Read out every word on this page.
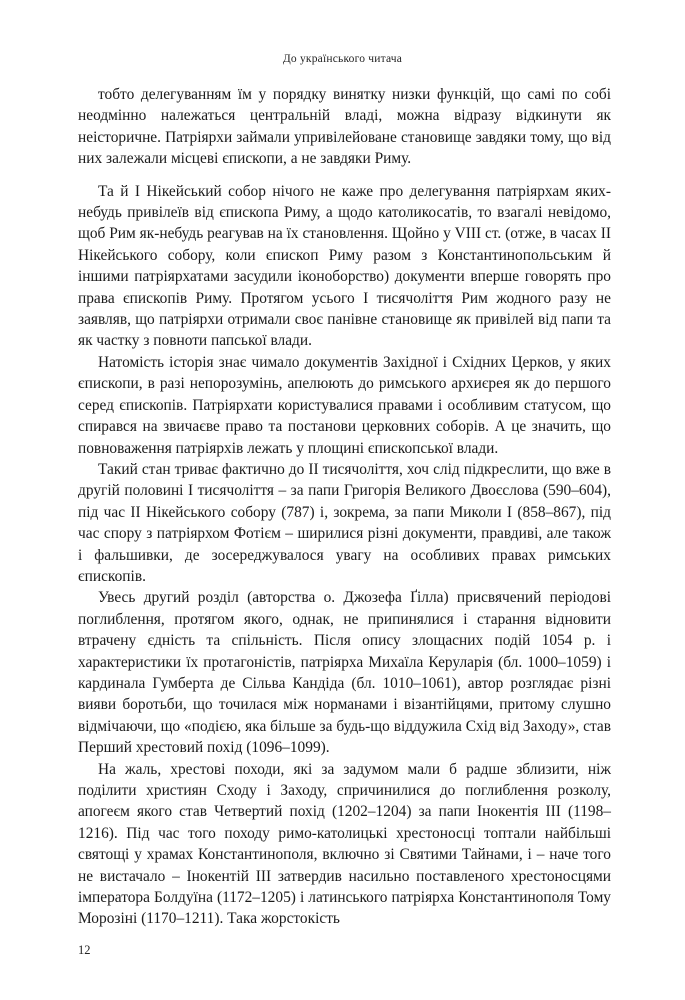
До українського читача

тобто делегуванням їм у порядку винятку низки функцій, що самі по собі неодмінно належаться центральній владі, можна відразу відкинути як неісторичне. Патріярхи займали упривілейоване становище завдяки тому, що від них залежали місцеві єпископи, а не завдяки Риму.

Та й І Нікейський собор нічого не каже про делегування патріярхам яких-небудь привілеїв від єпископа Риму, а щодо католикосатів, то взагалі невідомо, щоб Рим як-небудь реагував на їх становлення. Щойно у VIII ст. (отже, в часах ІІ Нікейського собору, коли єпископ Риму разом з Константинопольським й іншими патріярхатами засудили іконоборство) документи вперше говорять про права єпископів Риму. Протягом усього І тисячоліття Рим жодного разу не заявляв, що патріярхи отримали своє панівне становище як привілей від папи та як частку з повноти папської влади.

Натомість історія знає чимало документів Західної і Східних Церков, у яких єпископи, в разі непорозумінь, апелюють до римського архиєрея як до першого серед єпископів. Патріярхати користувалися правами і особливим статусом, що спирався на звичаєве право та постанови церковних соборів. А це значить, що повноваження патріярхів лежать у площині єпископської влади.

Такий стан триває фактично до ІІ тисячоліття, хоч слід підкреслити, що вже в другій половині І тисячоліття – за папи Григорія Великого Двоєслова (590–604), під час ІІ Нікейського собору (787) і, зокрема, за папи Миколи І (858–867), під час спору з патріярхом Фотієм – ширилися різні документи, правдиві, але також і фальшивки, де зосереджувалося увагу на особливих правах римських єпископів.

Увесь другий розділ (авторства о. Джозефа Ґілла) присвячений періодові поглиблення, протягом якого, однак, не припинялися і старання відновити втрачену єдність та спільність. Після опису злощасних подій 1054 р. і характеристики їх протагоністів, патріярха Михаїла Керуларія (бл. 1000–1059) і кардинала Гумберта де Сільва Кандіда (бл. 1010–1061), автор розглядає різні вияви боротьби, що точилася між норманами і візантійцями, притому слушно відмічаючи, що «подією, яка більше за будь-що віддужила Схід від Заходу», став Перший хрестовий похід (1096–1099).

На жаль, хрестові походи, які за задумом мали б радше зблизити, ніж поділити християн Сходу і Заходу, спричинилися до поглиблення розколу, апогеєм якого став Четвертий похід (1202–1204) за папи Інокентія ІІІ (1198–1216). Під час того походу римо-католицькі хрестоносці топтали найбільші святощі у храмах Константинополя, включно зі Святими Тайнами, і – наче того не вистачало – Інокентій ІІІ затвердив насильно поставленого хрестоносцями імператора Болдуїна (1172–1205) і латинського патріярха Константинополя Тому Морозіні (1170–1211). Така жорстокість

12
